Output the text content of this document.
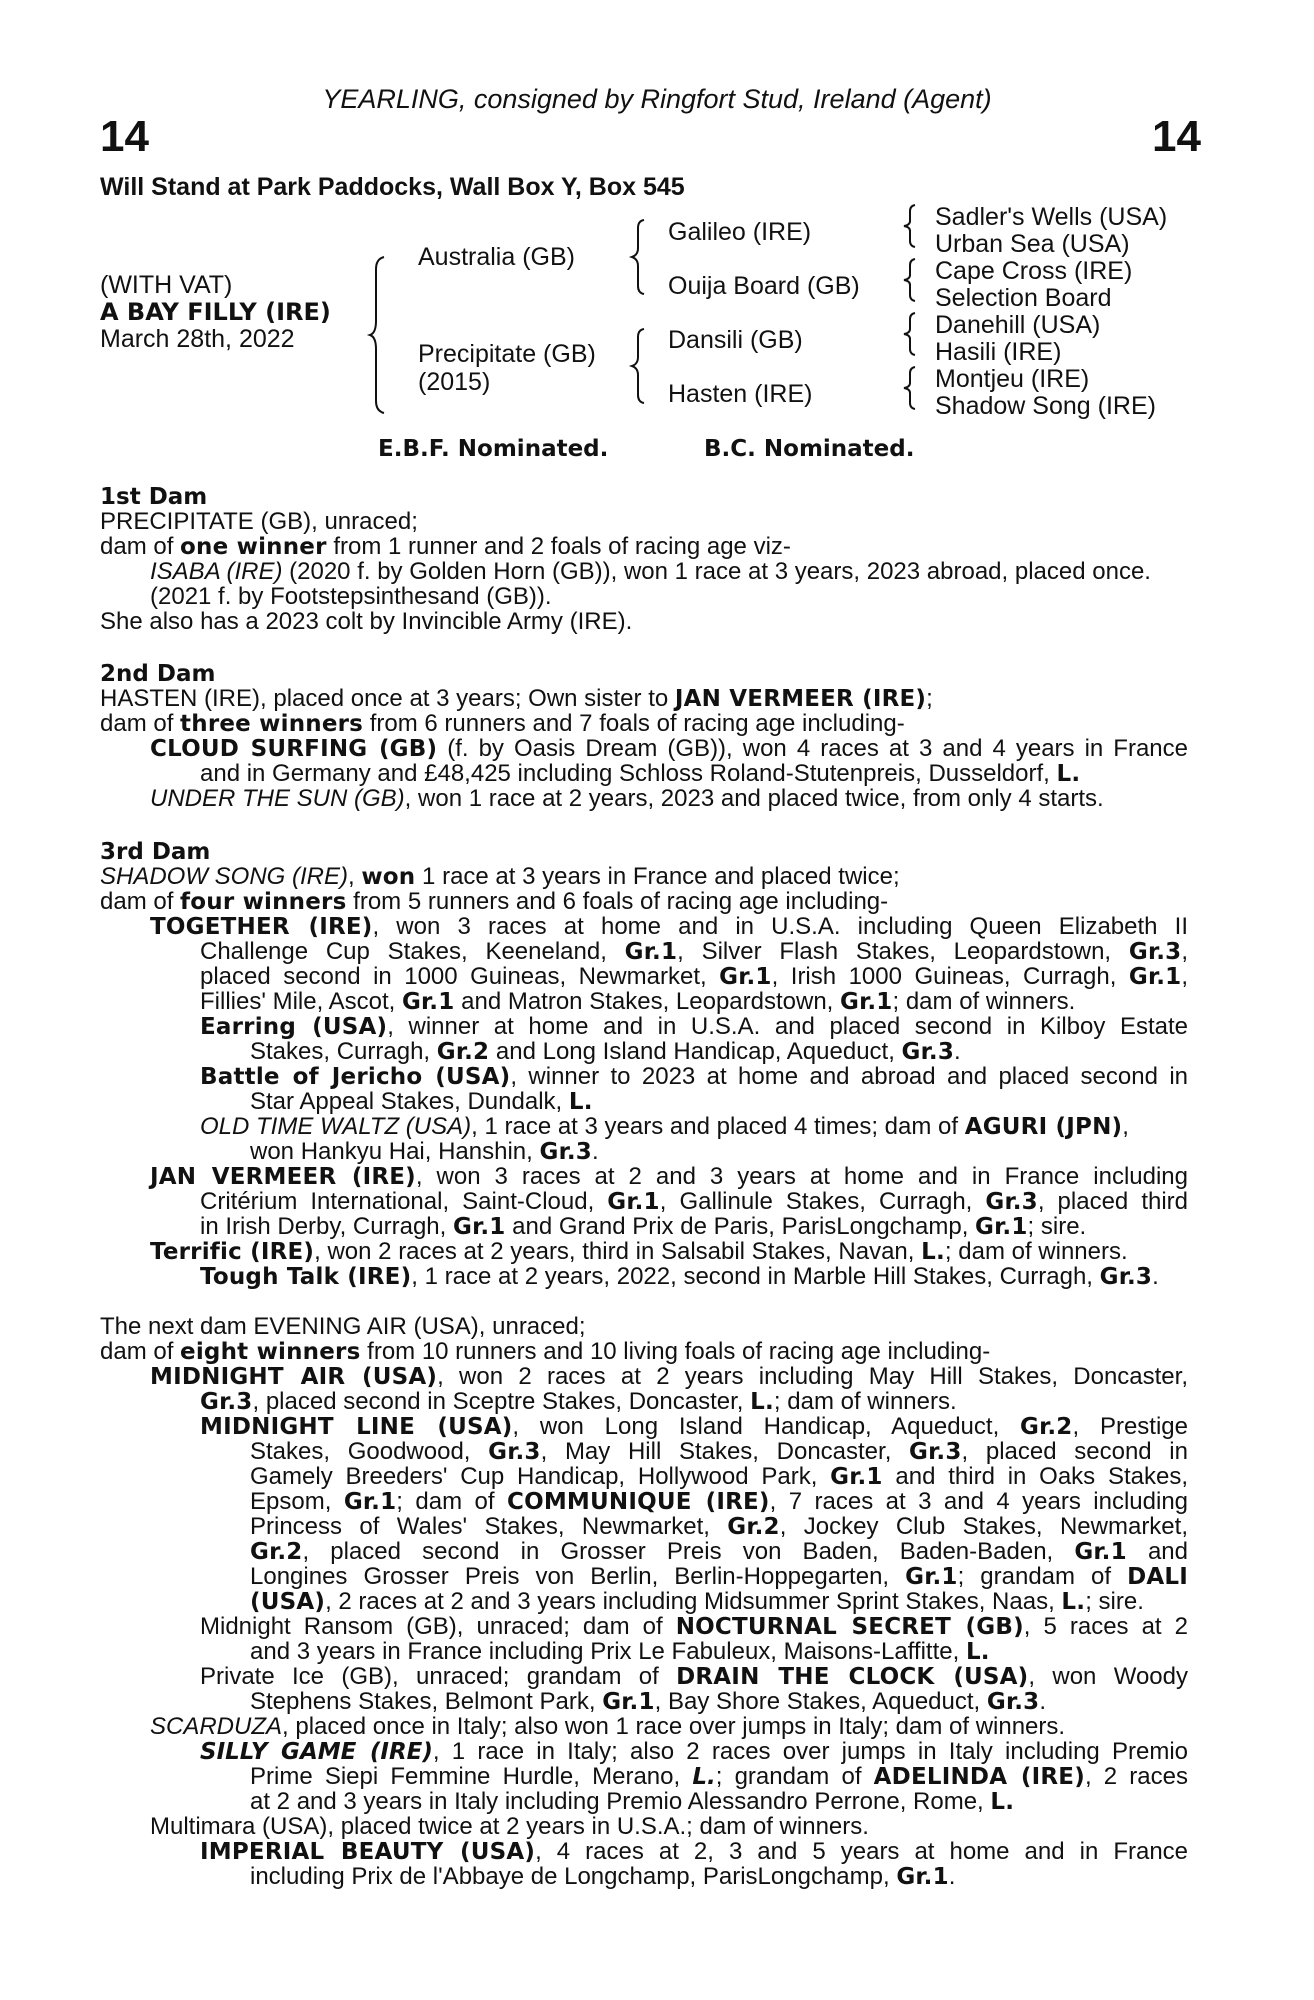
YEARLING, consigned by Ringfort Stud, Ireland (Agent)
14	14
Will Stand at Park Paddocks, Wall Box Y, Box 545
(WITH VAT)
A BAY FILLY (IRE)
March 28th, 2022
Australia (GB)
Precipitate (GB)
(2015)
Galileo (IRE)
Ouija Board (GB)
Dansili (GB)
Hasten (IRE)
Sadler's Wells (USA)
Urban Sea (USA)
Cape Cross (IRE)
Selection Board
Danehill (USA)
Hasili (IRE)
Montjeu (IRE)
Shadow Song (IRE)
E.B.F. Nominated.	B.C. Nominated.
1st Dam
2nd Dam
3rd Dam
PRECIPITATE (GB), unraced;
dam of one winner from 1 runner and 2 foals of racing age viz-
ISABA (IRE) (2020 f. by Golden Horn (GB)), won 1 race at 3 years, 2023 abroad, placed once.
(2021 f. by Footstepsinthesand (GB)).
She also has a 2023 colt by Invincible Army (IRE).
HASTEN (IRE), placed once at 3 years; Own sister to JAN VERMEER (IRE);
dam of three winners from 6 runners and 7 foals of racing age including-
CLOUD SURFING (GB) (f. by Oasis Dream (GB)), won 4 races at 3 and 4 years in France
and in Germany and £48,425 including Schloss Roland-Stutenpreis, Dusseldorf, L.
UNDER THE SUN (GB), won 1 race at 2 years, 2023 and placed twice, from only 4 starts.
SHADOW SONG (IRE), won 1 race at 3 years in France and placed twice;
dam of four winners from 5 runners and 6 foals of racing age including-
TOGETHER (IRE), won 3 races at home and in U.S.A. including Queen Elizabeth II
Challenge Cup Stakes, Keeneland, Gr.1, Silver Flash Stakes, Leopardstown, Gr.3,
placed second in 1000 Guineas, Newmarket, Gr.1, Irish 1000 Guineas, Curragh, Gr.1,
Fillies' Mile, Ascot, Gr.1 and Matron Stakes, Leopardstown, Gr.1; dam of winners.
Earring (USA), winner at home and in U.S.A. and placed second in Kilboy Estate
Stakes, Curragh, Gr.2 and Long Island Handicap, Aqueduct, Gr.3.
Battle of Jericho (USA), winner to 2023 at home and abroad and placed second in
Star Appeal Stakes, Dundalk, L.
OLD TIME WALTZ (USA), 1 race at 3 years and placed 4 times; dam of AGURI (JPN),
won Hankyu Hai, Hanshin, Gr.3.
JAN VERMEER (IRE), won 3 races at 2 and 3 years at home and in France including
Critérium International, Saint-Cloud, Gr.1, Gallinule Stakes, Curragh, Gr.3, placed third
in Irish Derby, Curragh, Gr.1 and Grand Prix de Paris, ParisLongchamp, Gr.1; sire.
Terrific (IRE), won 2 races at 2 years, third in Salsabil Stakes, Navan, L.; dam of winners.
Tough Talk (IRE), 1 race at 2 years, 2022, second in Marble Hill Stakes, Curragh, Gr.3.
The next dam EVENING AIR (USA), unraced;
dam of eight winners from 10 runners and 10 living foals of racing age including-
MIDNIGHT AIR (USA), won 2 races at 2 years including May Hill Stakes, Doncaster,
Gr.3, placed second in Sceptre Stakes, Doncaster, L.; dam of winners.
MIDNIGHT LINE (USA), won Long Island Handicap, Aqueduct, Gr.2, Prestige
Stakes, Goodwood, Gr.3, May Hill Stakes, Doncaster, Gr.3, placed second in
Gamely Breeders' Cup Handicap, Hollywood Park, Gr.1 and third in Oaks Stakes,
Epsom, Gr.1; dam of COMMUNIQUE (IRE), 7 races at 3 and 4 years including
Princess of Wales' Stakes, Newmarket, Gr.2, Jockey Club Stakes, Newmarket,
Gr.2, placed second in Grosser Preis von Baden, Baden-Baden, Gr.1 and
Longines Grosser Preis von Berlin, Berlin-Hoppegarten, Gr.1; grandam of DALI
(USA), 2 races at 2 and 3 years including Midsummer Sprint Stakes, Naas, L.; sire.
Midnight Ransom (GB), unraced; dam of NOCTURNAL SECRET (GB), 5 races at 2
and 3 years in France including Prix Le Fabuleux, Maisons-Laffitte, L.
Private Ice (GB), unraced; grandam of DRAIN THE CLOCK (USA), won Woody
Stephens Stakes, Belmont Park, Gr.1, Bay Shore Stakes, Aqueduct, Gr.3.
SCARDUZA, placed once in Italy; also won 1 race over jumps in Italy; dam of winners.
SILLY GAME (IRE), 1 race in Italy; also 2 races over jumps in Italy including Premio
Prime Siepi Femmine Hurdle, Merano, L.; grandam of ADELINDA (IRE), 2 races
at 2 and 3 years in Italy including Premio Alessandro Perrone, Rome, L.
Multimara (USA), placed twice at 2 years in U.S.A.; dam of winners.
IMPERIAL BEAUTY (USA), 4 races at 2, 3 and 5 years at home and in France
including Prix de l'Abbaye de Longchamp, ParisLongchamp, Gr.1.
